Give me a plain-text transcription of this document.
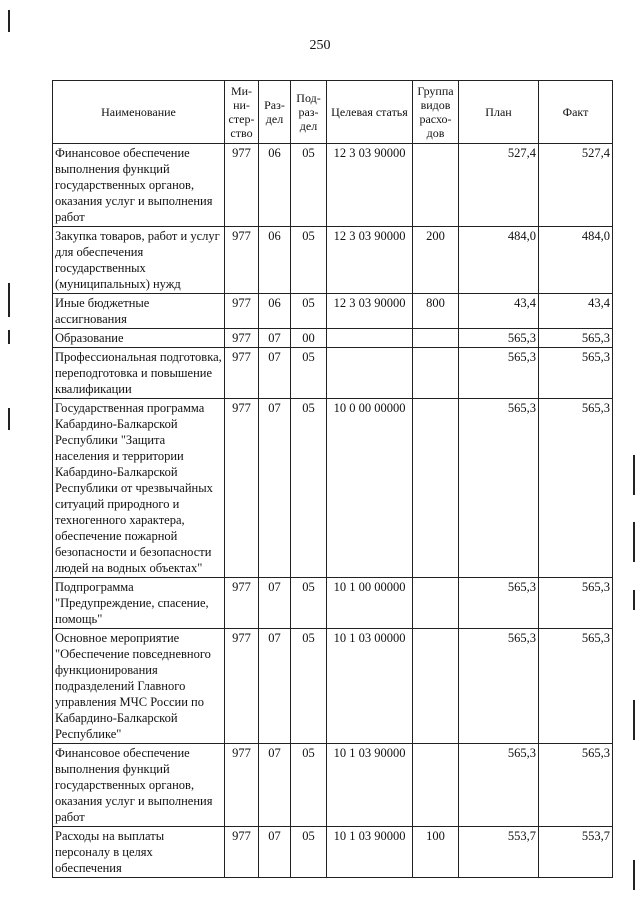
250
Наименование	Ми- ни- стер- ство	Раз- дел	Под- раз- дел	Целевая статья	Группа видов расхо- дов	План	Факт
Финансовое обеспечение выполнения функций государственных органов, оказания услуг и выполнения работ	977	06	05	12 3 03 90000		527,4	527,4
Закупка товаров, работ и услуг для обеспечения государственных (муниципальных) нужд	977	06	05	12 3 03 90000	200	484,0	484,0
Иные бюджетные ассигнования	977	06	05	12 3 03 90000	800	43,4	43,4
Образование	977	07	00			565,3	565,3
Профессиональная подготовка, переподготовка и повышение квалификации	977	07	05			565,3	565,3
Государственная программа Кабардино-Балкарской Республики "Защита населения и территории Кабардино-Балкарской Республики от чрезвычайных ситуаций природного и техногенного характера, обеспечение пожарной безопасности и безопасности людей на водных объектах"	977	07	05	10 0 00 00000		565,3	565,3
Подпрограмма "Предупреждение, спасение, помощь"	977	07	05	10 1 00 00000		565,3	565,3
Основное мероприятие "Обеспечение повседневного функционирования подразделений Главного управления МЧС России по Кабардино-Балкарской Республике"	977	07	05	10 1 03 00000		565,3	565,3
Финансовое обеспечение выполнения функций государственных органов, оказания услуг и выполнения работ	977	07	05	10 1 03 90000		565,3	565,3
Расходы на выплаты персоналу в целях обеспечения	977	07	05	10 1 03 90000	100	553,7	553,7
